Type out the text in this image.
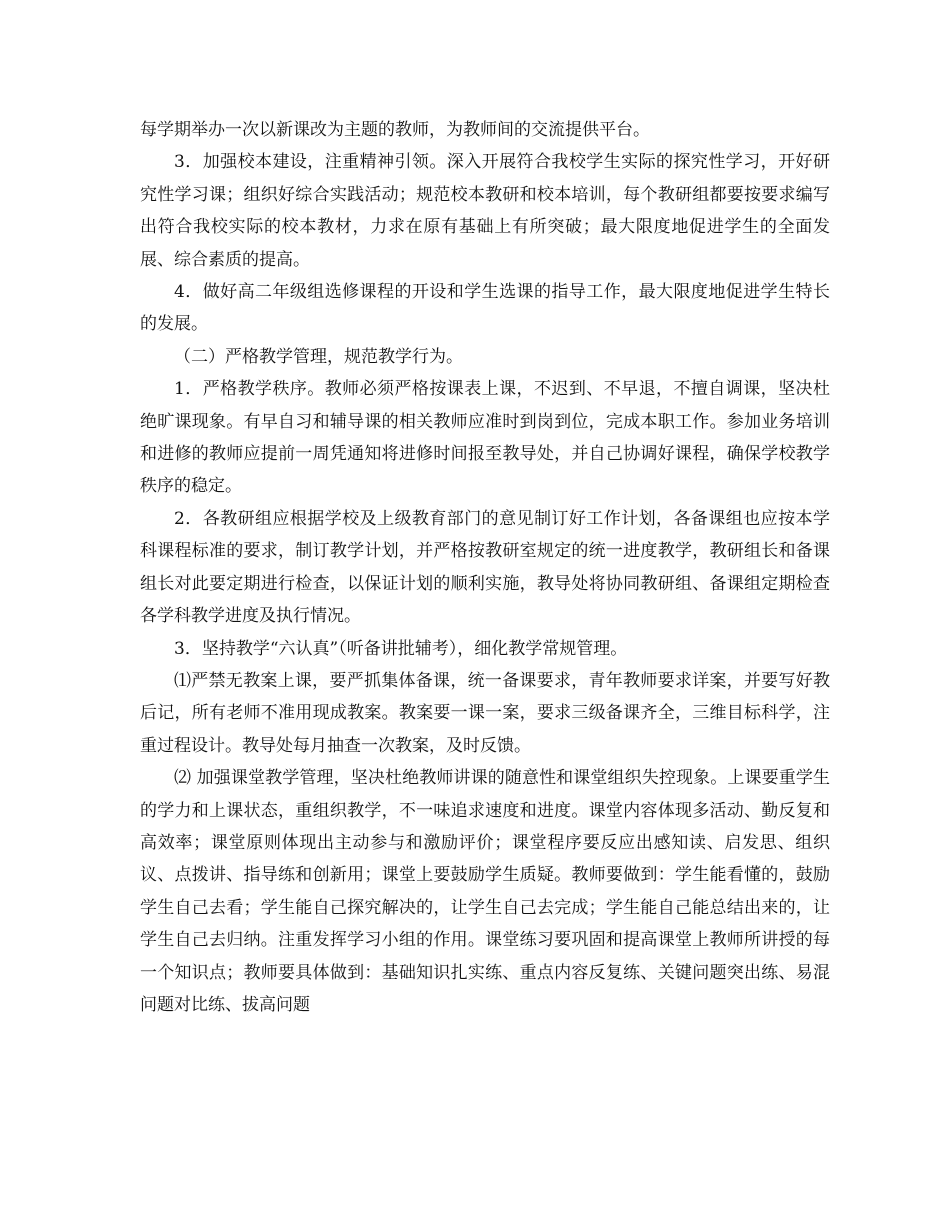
每学期举办一次以新课改为主题的教师，为教师间的交流提供平台。

3．加强校本建设，注重精神引领。深入开展符合我校学生实际的探究性学习，开好研究性学习课；组织好综合实践活动；规范校本教研和校本培训，每个教研组都要按要求编写出符合我校实际的校本教材，力求在原有基础上有所突破；最大限度地促进学生的全面发展、综合素质的提高。

4．做好高二年级组选修课程的开设和学生选课的指导工作，最大限度地促进学生特长的发展。

（二）严格教学管理，规范教学行为。

1．严格教学秩序。教师必须严格按课表上课，不迟到、不早退，不擅自调课，坚决杜绝旷课现象。有早自习和辅导课的相关教师应准时到岗到位，完成本职工作。参加业务培训和进修的教师应提前一周凭通知将进修时间报至教导处，并自己协调好课程，确保学校教学秩序的稳定。

2．各教研组应根据学校及上级教育部门的意见制订好工作计划，各备课组也应按本学科课程标准的要求，制订教学计划，并严格按教研室规定的统一进度教学，教研组长和备课组长对此要定期进行检查，以保证计划的顺利实施，教导处将协同教研组、备课组定期检查各学科教学进度及执行情况。

3．坚持教学“六认真”（听备讲批辅考），细化教学常规管理。

⑴严禁无教案上课，要严抓集体备课，统一备课要求，青年教师要求详案，并要写好教后记，所有老师不准用现成教案。教案要一课一案，要求三级备课齐全，三维目标科学，注重过程设计。教导处每月抽查一次教案，及时反馈。

⑵ 加强课堂教学管理，坚决杜绝教师讲课的随意性和课堂组织失控现象。上课要重学生的学力和上课状态，重组织教学，不一味追求速度和进度。课堂内容体现多活动、勤反复和高效率；课堂原则体现出主动参与和激励评价；课堂程序要反应出感知读、启发思、组织议、点拨讲、指导练和创新用；课堂上要鼓励学生质疑。教师要做到：学生能看懂的，鼓励学生自己去看；学生能自己探究解决的，让学生自己去完成；学生能自己能总结出来的，让学生自己去归纳。注重发挥学习小组的作用。课堂练习要巩固和提高课堂上教师所讲授的每一个知识点；教师要具体做到：基础知识扎实练、重点内容反复练、关键问题突出练、易混问题对比练、拔高问题
